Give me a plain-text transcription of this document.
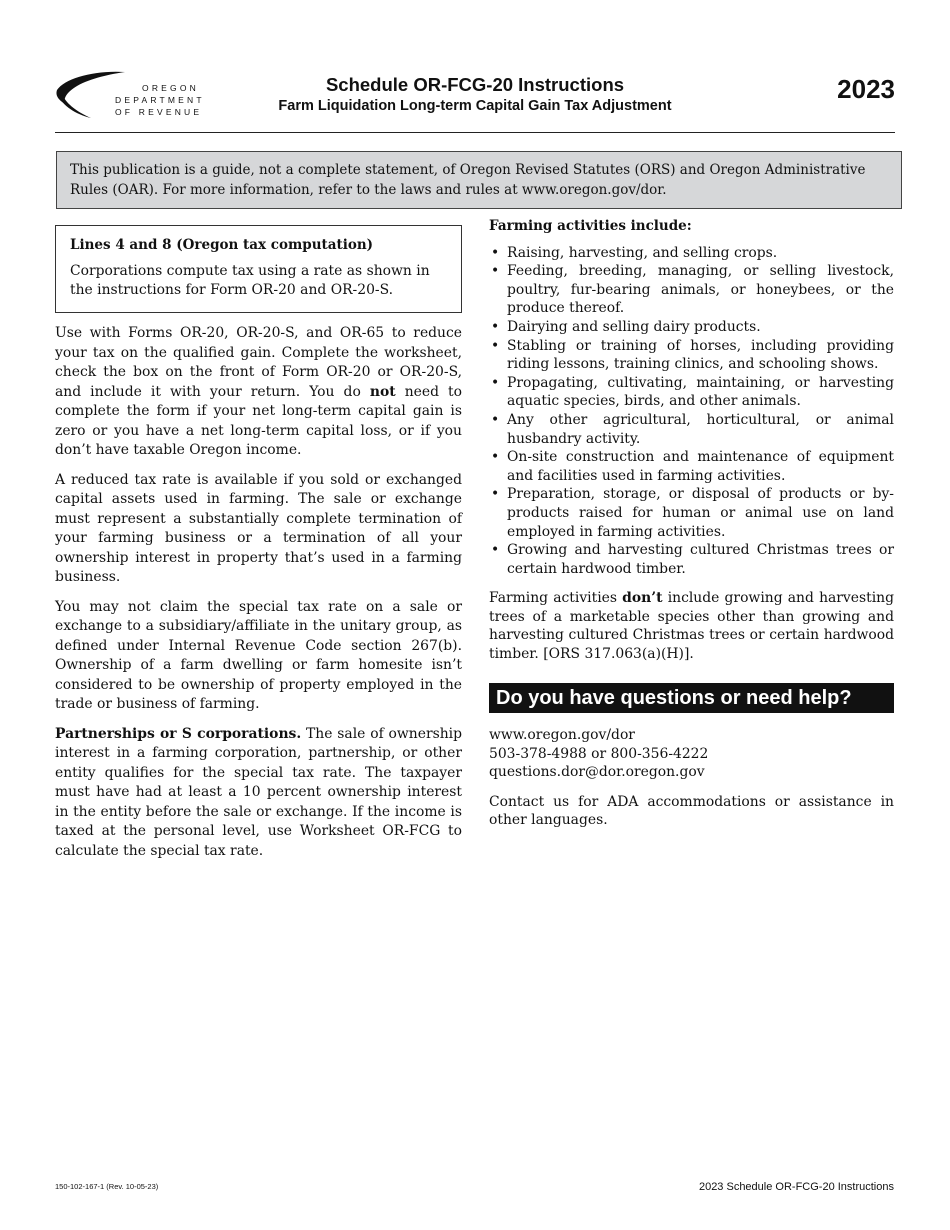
OREGON
DEPARTMENT
OF REVENUE
Schedule OR-FCG-20 Instructions
Farm Liquidation Long-term Capital Gain Tax Adjustment
2023
This publication is a guide, not a complete statement, of Oregon Revised Statutes (ORS) and Oregon Administrative Rules (OAR). For more information, refer to the laws and rules at www.oregon.gov/dor.
Lines 4 and 8 (Oregon tax computation)
Corporations compute tax using a rate as shown in the instructions for Form OR-20 and OR-20-S.

Use with Forms OR-20, OR-20-S, and OR-65 to reduce your tax on the qualified gain. Complete the worksheet, check the box on the front of Form OR-20 or OR-20-S, and include it with your return. You do not need to complete the form if your net long-term capital gain is zero or you have a net long-term capital loss, or if you don’t have taxable Oregon income.

A reduced tax rate is available if you sold or exchanged capital assets used in farming. The sale or exchange must represent a substantially complete termination of your farming business or a termination of all your ownership interest in property that’s used in a farming business.

You may not claim the special tax rate on a sale or exchange to a subsidiary/affiliate in the unitary group, as defined under Internal Revenue Code section 267(b). Ownership of a farm dwelling or farm homesite isn’t considered to be ownership of property employed in the trade or business of farming.

Partnerships or S corporations. The sale of ownership interest in a farming corporation, partnership, or other entity qualifies for the special tax rate. The taxpayer must have had at least a 10 percent ownership interest in the entity before the sale or exchange. If the income is taxed at the personal level, use Worksheet OR-FCG to calculate the special tax rate.

Farming activities include:
• Raising, harvesting, and selling crops.
• Feeding, breeding, managing, or selling livestock, poultry, fur-bearing animals, or honeybees, or the produce thereof.
• Dairying and selling dairy products.
• Stabling or training of horses, including providing riding lessons, training clinics, and schooling shows.
• Propagating, cultivating, maintaining, or harvesting aquatic species, birds, and other animals.
• Any other agricultural, horticultural, or animal husbandry activity.
• On-site construction and maintenance of equipment and facilities used in farming activities.
• Preparation, storage, or disposal of products or by-products raised for human or animal use on land employed in farming activities.
• Growing and harvesting cultured Christmas trees or certain hardwood timber.

Farming activities don’t include growing and harvesting trees of a marketable species other than growing and harvesting cultured Christmas trees or certain hardwood timber. [ORS 317.063(a)(H)].

Do you have questions or need help?
www.oregon.gov/dor
503-378-4988 or 800-356-4222
questions.dor@dor.oregon.gov

Contact us for ADA accommodations or assistance in other languages.

150-102-167-1 (Rev. 10-05-23)	2023 Schedule OR-FCG-20 Instructions
